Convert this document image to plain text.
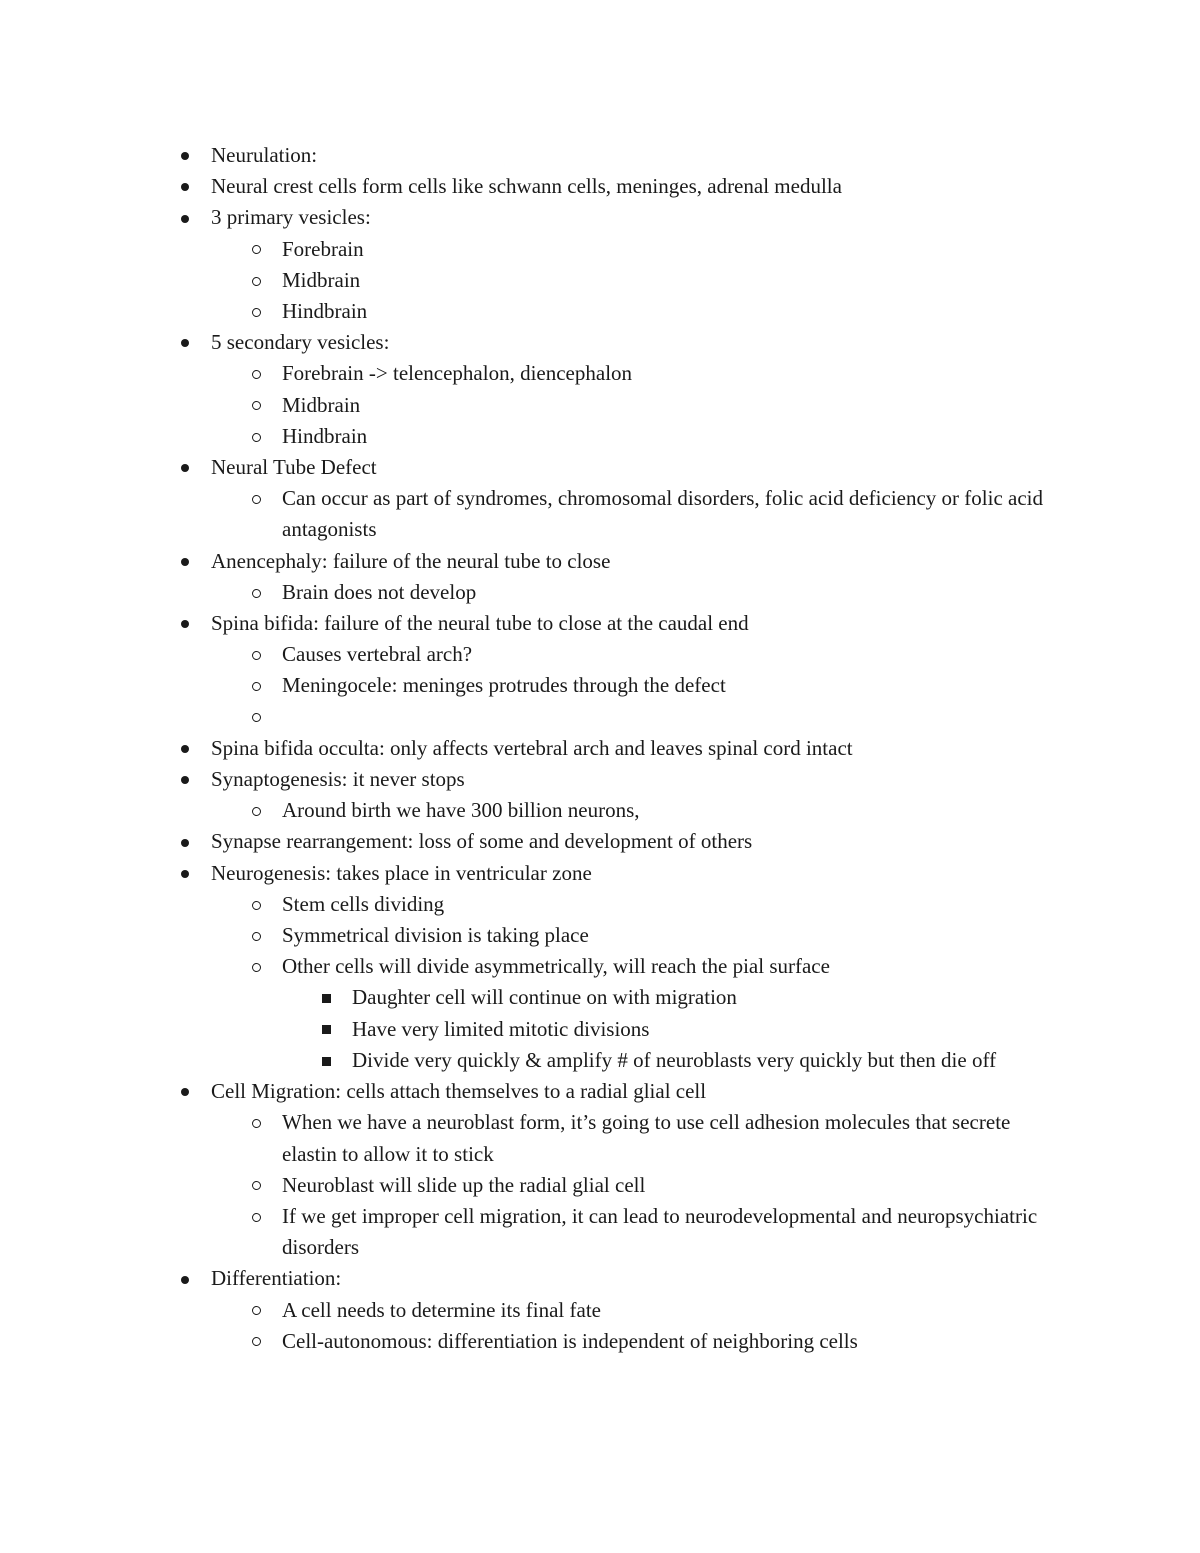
Neurulation:
Neural crest cells form cells like schwann cells, meninges, adrenal medulla
3 primary vesicles:
Forebrain
Midbrain
Hindbrain
5 secondary vesicles:
Forebrain -> telencephalon, diencephalon
Midbrain
Hindbrain
Neural Tube Defect
Can occur as part of syndromes, chromosomal disorders, folic acid deficiency or folic acid antagonists
Anencephaly: failure of the neural tube to close
Brain does not develop
Spina bifida: failure of the neural tube to close at the caudal end
Causes vertebral arch?
Meningocele: meninges protrudes through the defect

Spina bifida occulta: only affects vertebral arch and leaves spinal cord intact
Synaptogenesis: it never stops
Around birth we have 300 billion neurons,
Synapse rearrangement: loss of some and development of others
Neurogenesis: takes place in ventricular zone
Stem cells dividing
Symmetrical division is taking place
Other cells will divide asymmetrically, will reach the pial surface
Daughter cell will continue on with migration
Have very limited mitotic divisions
Divide very quickly & amplify # of neuroblasts very quickly but then die off
Cell Migration: cells attach themselves to a radial glial cell
When we have a neuroblast form, it’s going to use cell adhesion molecules that secrete elastin to allow it to stick
Neuroblast will slide up the radial glial cell
If we get improper cell migration, it can lead to neurodevelopmental and neuropsychiatric disorders
Differentiation:
A cell needs to determine its final fate
Cell-autonomous: differentiation is independent of neighboring cells
